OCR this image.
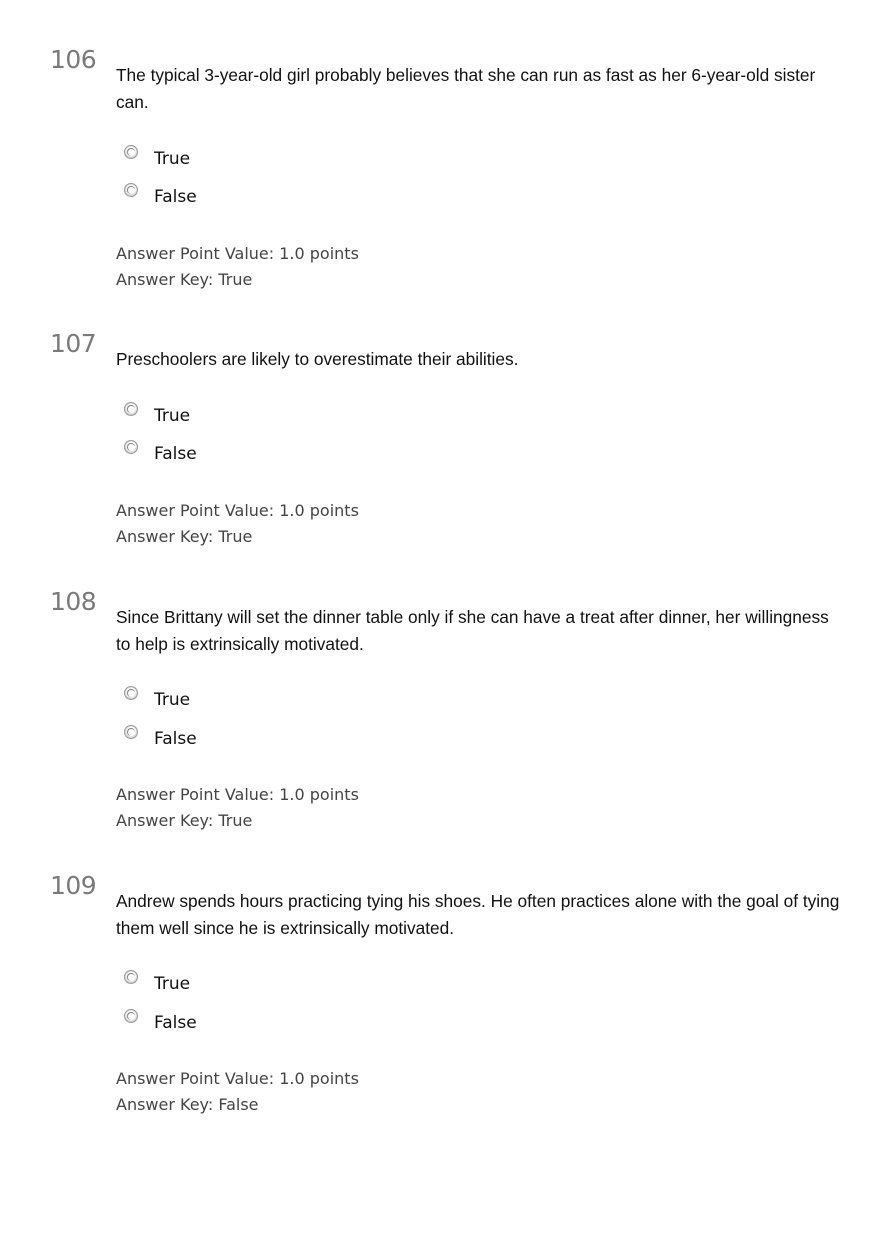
106
The typical 3-year-old girl probably believes that she can run as fast as her 6-year-old sister can.
True
False
Answer Point Value: 1.0 points
Answer Key: True
107
Preschoolers are likely to overestimate their abilities.
True
False
Answer Point Value: 1.0 points
Answer Key: True
108
Since Brittany will set the dinner table only if she can have a treat after dinner, her willingness to help is extrinsically motivated.
True
False
Answer Point Value: 1.0 points
Answer Key: True
109
Andrew spends hours practicing tying his shoes. He often practices alone with the goal of tying them well since he is extrinsically motivated.
True
False
Answer Point Value: 1.0 points
Answer Key: False
